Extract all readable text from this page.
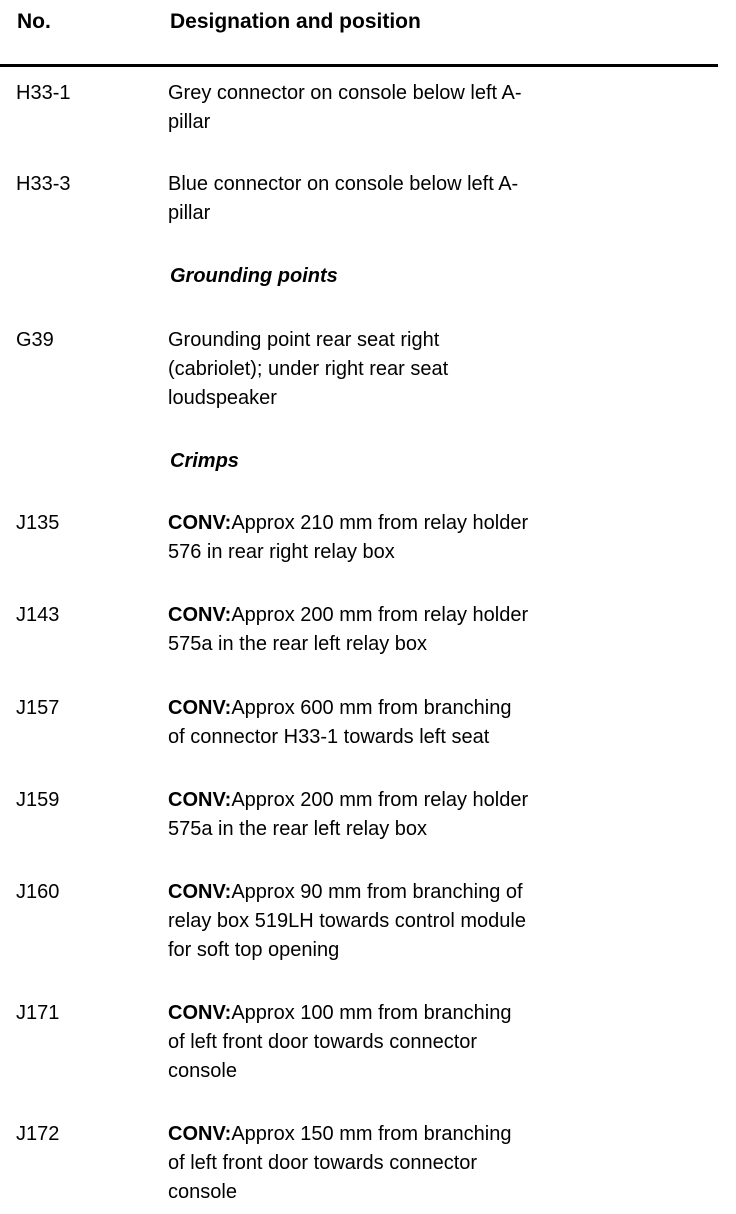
No.	Designation and position
H33-1	Grey connector on console below left A-
pillar
H33-3	Blue connector on console below left A-
pillar
Grounding points
G39	Grounding point rear seat right
(cabriolet); under right rear seat
loudspeaker
Crimps
J135	CONV:Approx 210 mm from relay holder
576 in rear right relay box
J143	CONV:Approx 200 mm from relay holder
575a in the rear left relay box
J157	CONV:Approx 600 mm from branching
of connector H33-1 towards left seat
J159	CONV:Approx 200 mm from relay holder
575a in the rear left relay box
J160	CONV:Approx 90 mm from branching of
relay box 519LH towards control module
for soft top opening
J171	CONV:Approx 100 mm from branching
of left front door towards connector
console
J172	CONV:Approx 150 mm from branching
of left front door towards connector
console
